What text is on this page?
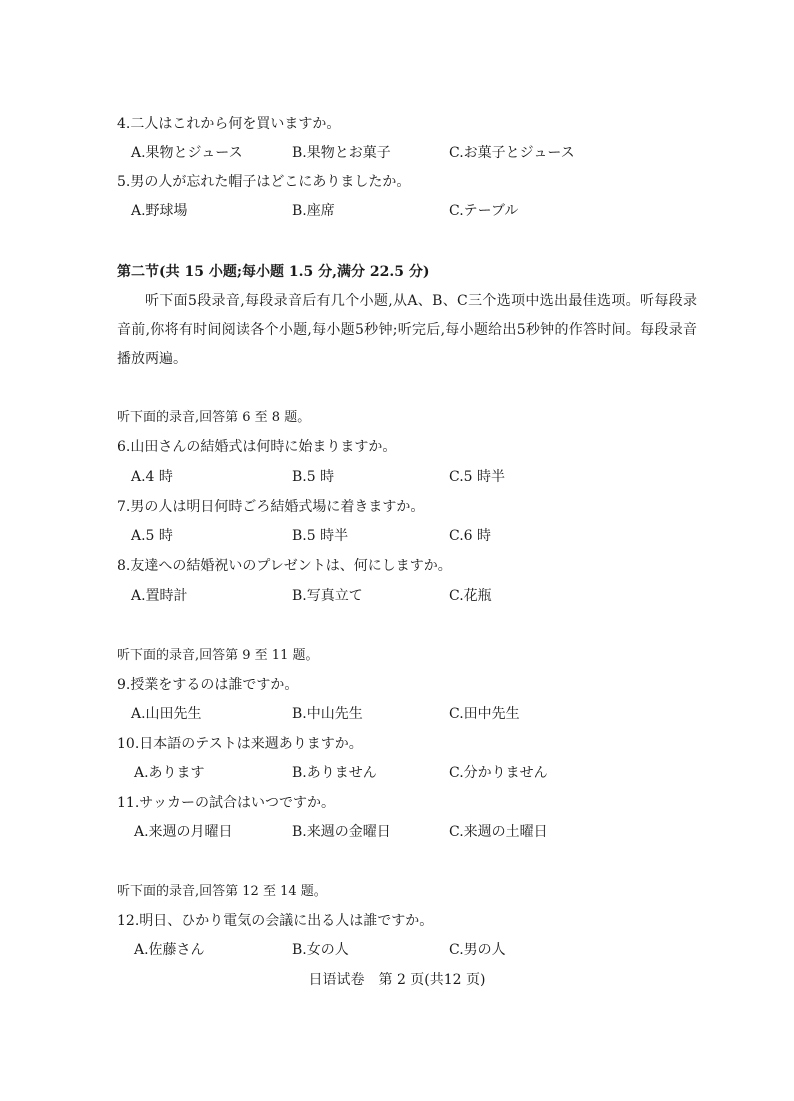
4.二人はこれから何を買いますか。
A.果物とジュース	B.果物とお菓子	C.お菓子とジュース
5.男の人が忘れた帽子はどこにありましたか。
A.野球場	B.座席	C.テーブル
第二节(共 15 小题;每小题 1.5 分,满分 22.5 分)
听下面5段录音,每段录音后有几个小题,从A、B、C三个选项中选出最佳选项。听每段录音前,你将有时间阅读各个小题,每小题5秒钟;听完后,每小题给出5秒钟的作答时间。每段录音播放两遍。
听下面的录音,回答第 6 至 8 题。
6.山田さんの結婚式は何時に始まりますか。
A.4 時	B.5 時	C.5 時半
7.男の人は明日何時ごろ結婚式場に着きますか。
A.5 時	B.5 時半	C.6 時
8.友達への結婚祝いのプレゼントは、何にしますか。
A.置時計	B.写真立て	C.花瓶
听下面的录音,回答第 9 至 11 题。
9.授業をするのは誰ですか。
A.山田先生	B.中山先生	C.田中先生
10.日本語のテストは来週ありますか。
A.あります	B.ありません	C.分かりません
11.サッカーの試合はいつですか。
A.来週の月曜日	B.来週の金曜日	C.来週の土曜日
听下面的录音,回答第 12 至 14 题。
12.明日、ひかり電気の会議に出る人は誰ですか。
A.佐藤さん	B.女の人	C.男の人
日语试卷　第 2 页(共12 页)
